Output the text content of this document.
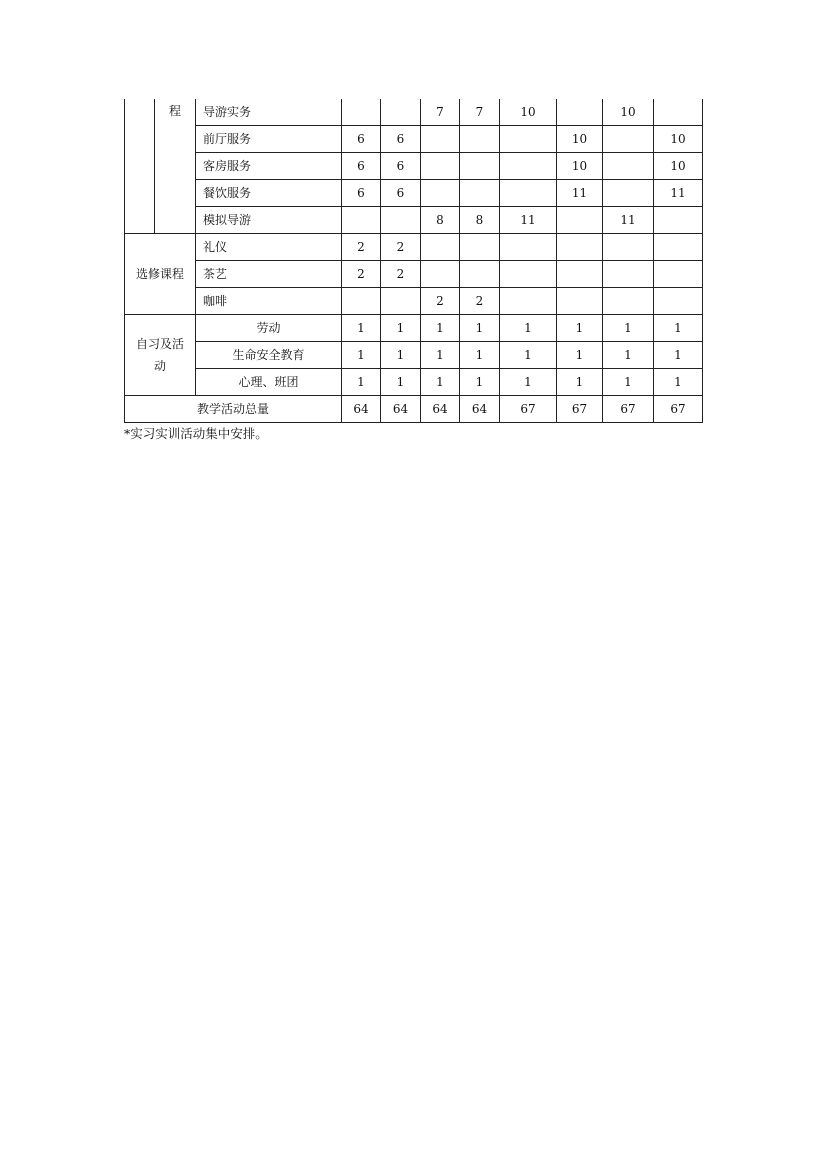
	程	导游实务			7	7	10		10	
		前厅服务	6	6				10		10
		客房服务	6	6				10		10
		餐饮服务	6	6				11		11
		模拟导游			8	8	11		11	
选修课程		礼仪	2	2						
		茶艺	2	2						
		咖啡			2	2				
自习及活动		劳动	1	1	1	1	1	1	1	1
		生命安全教育	1	1	1	1	1	1	1	1
		心理、班团	1	1	1	1	1	1	1	1
教学活动总量			64	64	64	64	67	67	67	67
*实习实训活动集中安排。
